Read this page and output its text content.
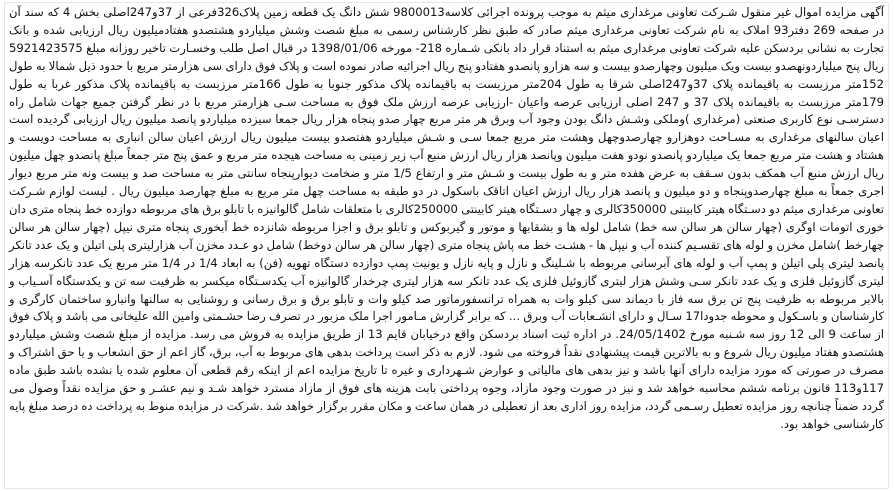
آگهی مزایده اموال غیر منقول شـرکت تعاونی مرغداری میثم به موجب پرونده اجرائی کلاسه9800013 شش دانگ یک قطعه زمین پلاک326فرعی از 37و247اصلی بخش 4 که سند آن در صفحه 269 دفتر93 املاک به نام شرکت تعاونی مرغداری میثم صادر که طبق نظر کارشناس رسمی به مبلغ شصت وشش میلیاردو هشتصدو هفتادمیلیون ریال ارزیابی شده و بانک تجارت به نشانی بردسکن علیه شرکت تعاونی مرغداری میثم به استناد قرار داد بانکی شـماره 218- مورخه 1398/01/06 در قبال اصل طلب وخسـارت تاخیر روزانه مبلغ 5921423575 ریال پنج میلیاردونهصدو بیست ویک میلیون وچهارصدو بیست و سه هزارو پانصدو هفتادو پنج ریال اجرائیه صادر نموده است و پلاک فوق دارای سی هزارمتر مربع با حدود ذیل شمالا به طول 152متر مرزبست به باقیمانده پلاک 37و247اصلی شرقا به طول 204متر مرزبست به باقیمانده پلاک مذکور جنوبا به طول 166متر مرزبست به باقیمانده پلاک مذکور غربا به طول 179متر مرزبست به باقیمانده پلاک 37 و 247 اصلی ارزیابی عرصه واعیان -ارزیابی عرصه ارزش ملک فوق به مساحت سـی هزارمتر مربع با در نظر گرفتن جمیع جهات شامل راه دسترسـی نوع کاربری صنعتی (مرغداری )وملکی وشـش دانگ بودن وجود آب وبرق هر متر مربع چهار صدو پنجاه هزار ریال جمعا سیزده میلیاردو پانصد میلیون ریال ارزیابی گردیده است اعیان سالنهای مرغداری به مسـاحت دوهزارو چهارصدوچهل وهشت متر مربع جمعا سـی و شـش میلیاردو هفتصدو بیست میلیون ریال ارزش اعیان سالن انباری به مساحت دویست و هشتاد و هشت متر مربع جمعا یک میلیاردو پانصدو نودو هفت میلیون وپانصد هزار ریال ارزش منبع آب زیر زمینی به مساحت هیجده متر مربع و عمق پنج متر جمعاً مبلغ پانصدو چهل میلیون ریال ارزش منبع آب همکف بدون سـقف به عرض هفده متر و به طول بیست و شـش متر و ارتفاع 1/5 متر و ضخامت دیوارپنجاه سانتی متر به مساحت صد و بیست ونه متر مربع دیوار اجری جمعاً به مبلغ چهارصدوپنجاه و دو میلیون و پانصد هزار ریال ارزش اعیان اتاقک باسکول در دو طبقه به مساحت چهل متر مربع به مبلغ چهارصد میلیون ریال . لیست لوازم شـرکت تعاونی مرغداری میثم دو دسـتگاه هیتر کابینتی 350000کالری و چهار دسـتگاه هیتر کابینتی 250000کالری با متعلقات شامل گالوانیزه با تابلو برق های مربوطه دوازده خط پنجاه متری دان خوری اتومات اوگری (چهار سالن هر سالن سه خط) شامل لوله ها و بشقابها و موتور و گیربوکس و تابلو برق و اجزا مربوطه شانزده خط آبخوری پنجاه متری نیپل (چهار سالن هر سالن چهارخط )شامل مخزن و لوله های تقسـیم کننده آب و نیپل ها - هشـت خط مه پاش پنجاه متری (چهار سالن هر سالن دوخط) شامل دو عـدد مخزن آب هزارلیتری پلی اتیلن و یک عدد تانکر پانصد لیتری پلی اتیلن و پمپ آب و لوله های آبرسانی مربوطه با شـلینگ و نازل و پایه نازل و یونیت پمپ دوازده دستگاه تهویه (فن) به ابعاد 1/4 در 1/4 متر مربع یک عدد تانکرسه هزار لیتری گازوئیل فلزی و یک عدد تانکر سـی وشش هزار لیتری گازوئیل فلزی یک عدد تانکر سه هزار لیتری چرخدار گالوانیزه آب یکدسـتگاه میکسر به ظرفیت سه تن و یکدستگاه آسـیاب و بالابر مربوطه به ظرفیت پنج تن برق سه فاز با دیماند سی کیلو وات به همراه ترانسفورماتور صد کیلو وات و تابلو برق و برق رسانی و روشنایی به سالنها وانبارو ساختمان کارگری و کارشناسان و باسـکول و محوطه جدودا17 سـال و دارای انشـعابات آب وبرق ... که برابر گزارش مـامور اجرا ملک مزبور در تصرف رضا حشـمتی وامین الله علیخانی می باشد و پلاک فوق از ساعت 9 الی 12 روز سه شـنبه مورخ 24/05/1402. در اداره ثبت اسناد بردسکن واقع درخیابان قایم 13 از طریق مزایده به فروش می رسد. مزایده از مبلغ شصت وشش میلیاردو هشتصدو هفتاد میلیون ریال شروع و به بالاترین قیمت پیشنهادی نقداً فروخته می شود. لازم به ذکر است پرداخت بدهی های مربوط به آب، برق، گاز اعم از حق انشعاب و یا حق اشتراک و مصرف در صورتی که مورد مزایده دارای آنها باشد و نیز بدهی های مالیاتی و عوارض شـهرداری و غیره تا تاریخ مزایده اعم از اینکه رقم قطعی آن معلوم شده یا نشده باشد طبق ماده 117و113 قانون برنامه ششم محاسبه خواهد شد و نیز در صورت وجود مازاد، وجوه پرداختی بابت هزینه های فوق از مازاد مسترد خواهد شـد و نیم عشـر و حق مزایده نقداً وصول می گردد ضمناً چنانچه روز مزایده تعطیل رسـمی گردد، مزایده روز اداری بعد از تعطیلی در همان ساعت و مکان مقرر برگزار خواهد شد .شرکت در مزایده منوط به پرداخت ده درصد مبلغ پایه کارشناسی خواهد بود.
